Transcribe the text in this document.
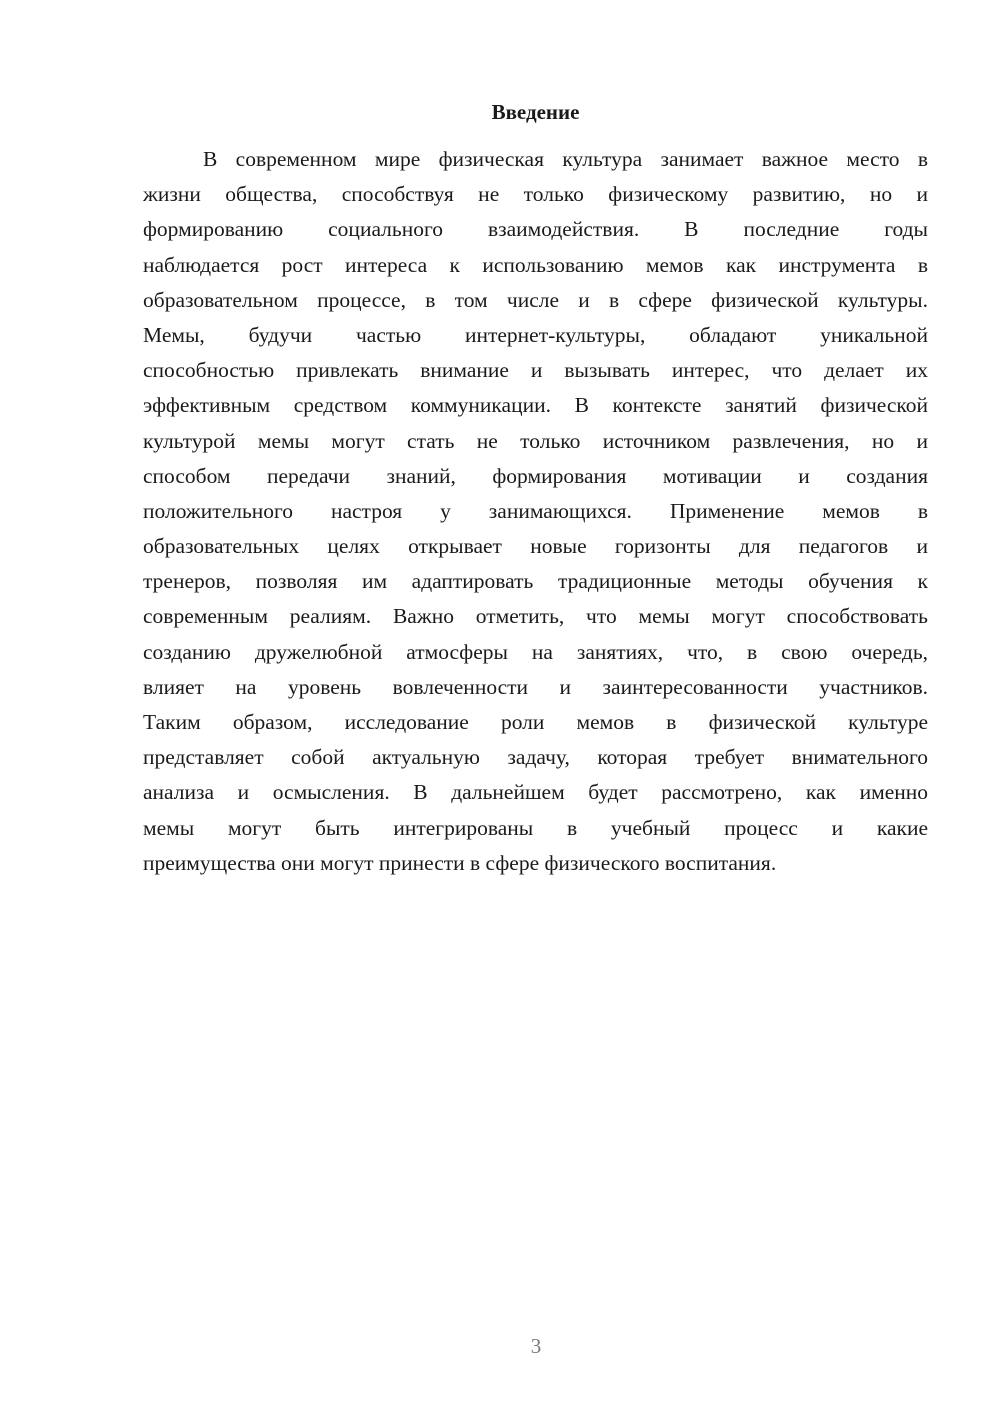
Введение
В современном мире физическая культура занимает важное место в
жизни общества, способствуя не только физическому развитию, но и
формированию социального взаимодействия. В последние годы
наблюдается рост интереса к использованию мемов как инструмента в
образовательном процессе, в том числе и в сфере физической культуры.
Мемы, будучи частью интернет-культуры, обладают уникальной
способностью привлекать внимание и вызывать интерес, что делает их
эффективным средством коммуникации. В контексте занятий физической
культурой мемы могут стать не только источником развлечения, но и
способом передачи знаний, формирования мотивации и создания
положительного настроя у занимающихся. Применение мемов в
образовательных целях открывает новые горизонты для педагогов и
тренеров, позволяя им адаптировать традиционные методы обучения к
современным реалиям. Важно отметить, что мемы могут способствовать
созданию дружелюбной атмосферы на занятиях, что, в свою очередь,
влияет на уровень вовлеченности и заинтересованности участников.
Таким образом, исследование роли мемов в физической культуре
представляет собой актуальную задачу, которая требует внимательного
анализа и осмысления. В дальнейшем будет рассмотрено, как именно
мемы могут быть интегрированы в учебный процесс и какие
преимущества они могут принести в сфере физического воспитания.
3
